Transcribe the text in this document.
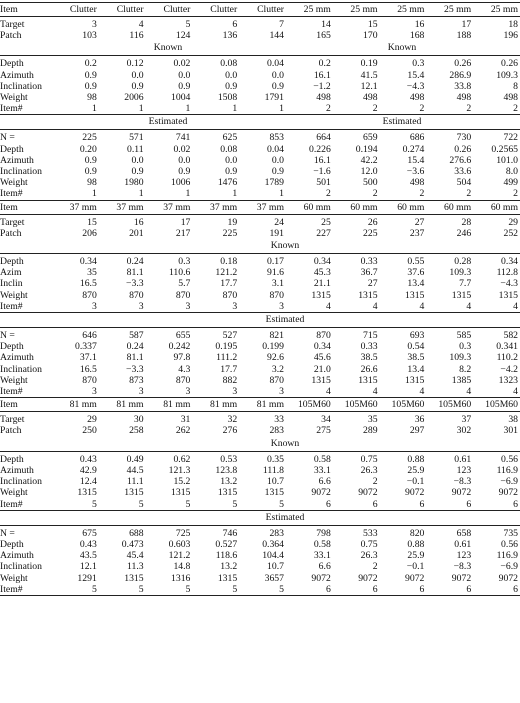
Item	Clutter	Clutter	Clutter	Clutter	Clutter	25 mm	25 mm	25 mm	25 mm	25 mm
Target	3	4	5	6	7	14	15	16	17	18
Patch	103	116	124	136	144	165	170	168	188	196
	Known					Known				
Depth	0.2	0.12	0.02	0.08	0.04	0.2	0.19	0.3	0.26	0.26
Azimuth	0.9	0.0	0.0	0.0	0.0	16.1	41.5	15.4	286.9	109.3
Inclination	0.9	0.9	0.9	0.9	0.9	−1.2	12.1	−4.3	33.8	8
Weight	98	2006	1004	1508	1791	498	498	498	498	498
Item#	1	1	1	1	1	2	2	2	2	2
	Estimated					Estimated				
N =	225	571	741	625	853	664	659	686	730	722
Depth	0.20	0.11	0.02	0.08	0.04	0.226	0.194	0.274	0.26	0.2565
Azimuth	0.9	0.0	0.0	0.0	0.0	16.1	42.2	15.4	276.6	101.0
Inclination	0.9	0.9	0.9	0.9	0.9	−1.6	12.0	−3.6	33.6	8.0
Weight	98	1980	1006	1476	1789	501	500	498	504	499
Item#	1	1	1	1	1	2	2	2	2	2
Item	37 mm	37 mm	37 mm	37 mm	37 mm	60 mm	60 mm	60 mm	60 mm	60 mm
Target	15	16	17	19	24	25	26	27	28	29
Patch	206	201	217	225	191	227	225	237	246	252
	Known									
Depth	0.34	0.24	0.3	0.18	0.17	0.34	0.33	0.55	0.28	0.34
Azim	35	81.1	110.6	121.2	91.6	45.3	36.7	37.6	109.3	112.8
Inclin	16.5	−3.3	5.7	17.7	3.1	21.1	27	13.4	7.7	−4.3
Weight	870	870	870	870	870	1315	1315	1315	1315	1315
Item#	3	3	3	3	3	4	4	4	4	4
	Estimated									
N =	646	587	655	527	821	870	715	693	585	582
Depth	0.337	0.24	0.242	0.195	0.199	0.34	0.33	0.54	0.3	0.341
Azimuth	37.1	81.1	97.8	111.2	92.6	45.6	38.5	38.5	109.3	110.2
Inclination	16.5	−3.3	4.3	17.7	3.2	21.0	26.6	13.4	8.2	−4.2
Weight	870	873	870	882	870	1315	1315	1315	1385	1323
Item#	3	3	3	3	3	4	4	4	4	4
Item	81 mm	81 mm	81 mm	81 mm	81 mm	105M60	105M60	105M60	105M60	105M60
Target	29	30	31	32	33	34	35	36	37	38
Patch	250	258	262	276	283	275	289	297	302	301
	Known									
Depth	0.43	0.49	0.62	0.53	0.35	0.58	0.75	0.88	0.61	0.56
Azimuth	42.9	44.5	121.3	123.8	111.8	33.1	26.3	25.9	123	116.9
Inclination	12.4	11.1	15.2	13.2	10.7	6.6	2	−0.1	−8.3	−6.9
Weight	1315	1315	1315	1315	1315	9072	9072	9072	9072	9072
Item#	5	5	5	5	5	6	6	6	6	6
	Estimated									
N =	675	688	725	746	283	798	533	820	658	735
Depth	0.43	0.473	0.603	0.527	0.364	0.58	0.75	0.88	0.61	0.56
Azimuth	43.5	45.4	121.2	118.6	104.4	33.1	26.3	25.9	123	116.9
Inclination	12.1	11.3	14.8	13.2	10.7	6.6	2	−0.1	−8.3	−6.9
Weight	1291	1315	1316	1315	3657	9072	9072	9072	9072	9072
Item#	5	5	5	5	5	6	6	6	6	6
